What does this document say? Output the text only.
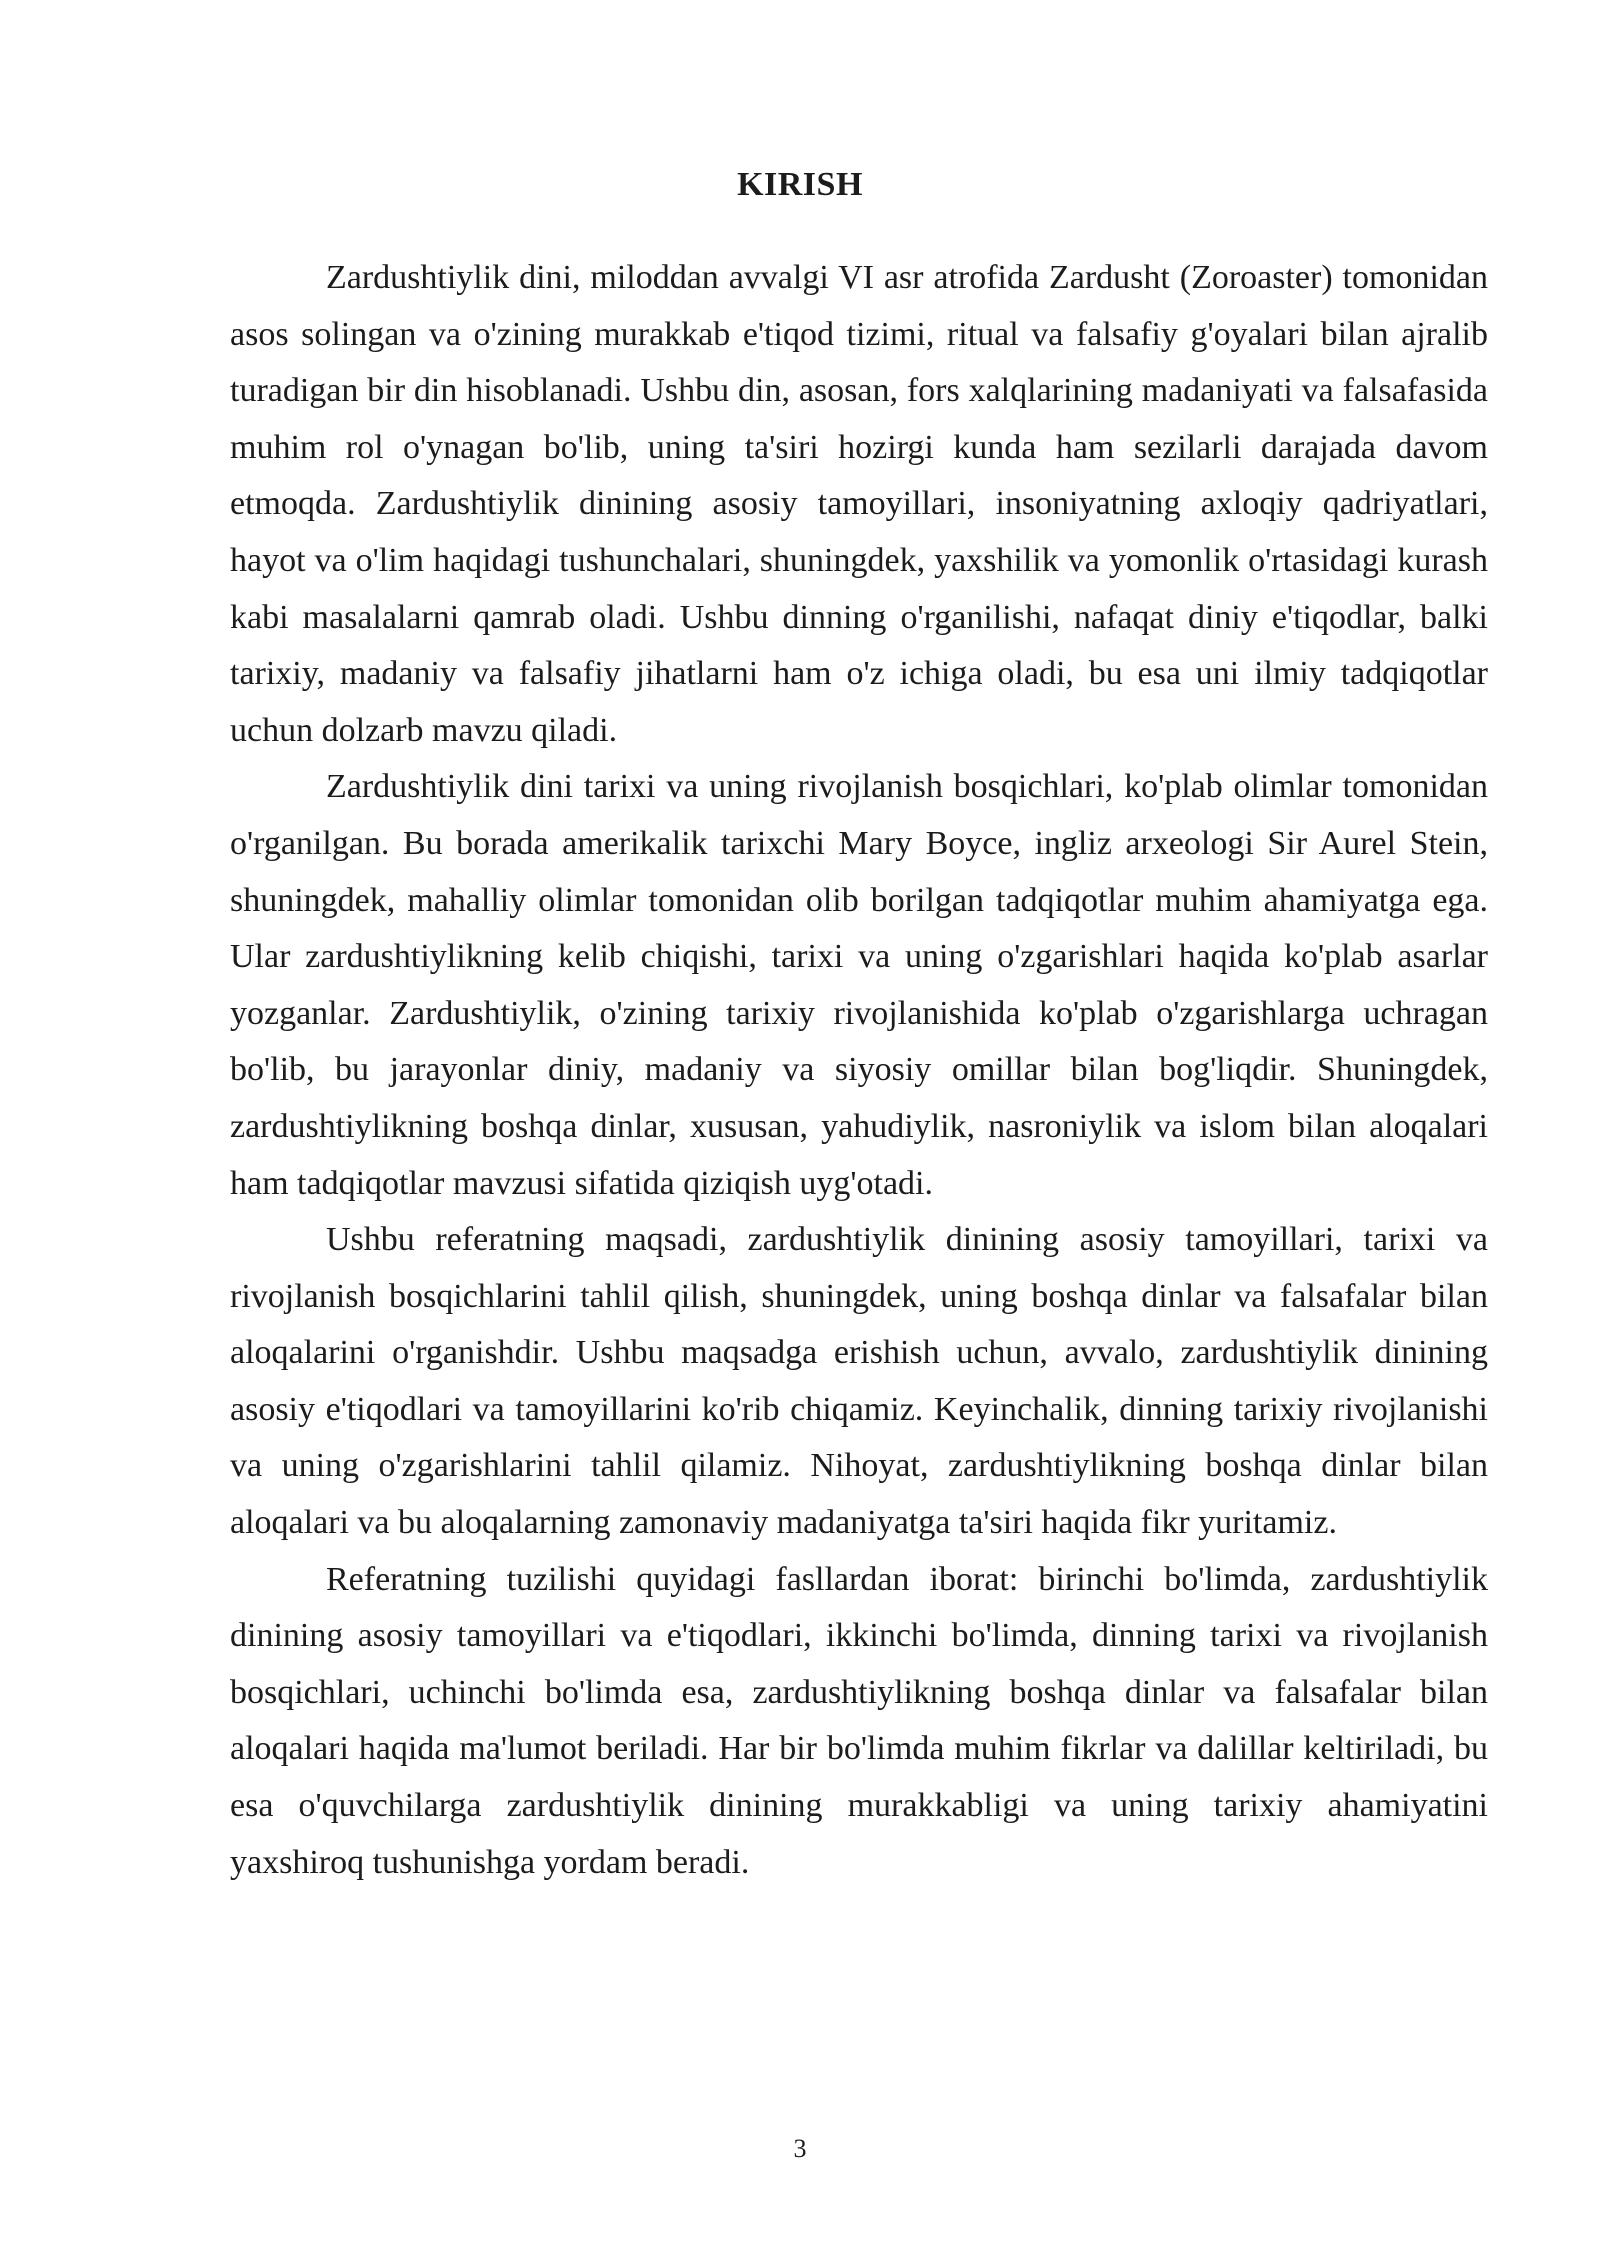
KIRISH

Zardushtiylik dini, miloddan avvalgi VI asr atrofida Zardusht (Zoroaster) tomonidan asos solingan va o'zining murakkab e'tiqod tizimi, ritual va falsafiy g'oyalari bilan ajralib turadigan bir din hisoblanadi. Ushbu din, asosan, fors xalqlarining madaniyati va falsafasida muhim rol o'ynagan bo'lib, uning ta'siri hozirgi kunda ham sezilarli darajada davom etmoqda. Zardushtiylik dinining asosiy tamoyillari, insoniyatning axloqiy qadriyatlari, hayot va o'lim haqidagi tushunchalari, shuningdek, yaxshilik va yomonlik o'rtasidagi kurash kabi masalalarni qamrab oladi. Ushbu dinning o'rganilishi, nafaqat diniy e'tiqodlar, balki tarixiy, madaniy va falsafiy jihatlarni ham o'z ichiga oladi, bu esa uni ilmiy tadqiqotlar uchun dolzarb mavzu qiladi.

Zardushtiylik dini tarixi va uning rivojlanish bosqichlari, ko'plab olimlar tomonidan o'rganilgan. Bu borada amerikalik tarixchi Mary Boyce, ingliz arxeologi Sir Aurel Stein, shuningdek, mahalliy olimlar tomonidan olib borilgan tadqiqotlar muhim ahamiyatga ega. Ular zardushtiylikning kelib chiqishi, tarixi va uning o'zgarishlari haqida ko'plab asarlar yozganlar. Zardushtiylik, o'zining tarixiy rivojlanishida ko'plab o'zgarishlarga uchragan bo'lib, bu jarayonlar diniy, madaniy va siyosiy omillar bilan bog'liqdir. Shuningdek, zardushtiylikning boshqa dinlar, xususan, yahudiylik, nasroniylik va islom bilan aloqalari ham tadqiqotlar mavzusi sifatida qiziqish uyg'otadi.

Ushbu referatning maqsadi, zardushtiylik dinining asosiy tamoyillari, tarixi va rivojlanish bosqichlarini tahlil qilish, shuningdek, uning boshqa dinlar va falsafalar bilan aloqalarini o'rganishdir. Ushbu maqsadga erishish uchun, avvalo, zardushtiylik dinining asosiy e'tiqodlari va tamoyillarini ko'rib chiqamiz. Keyinchalik, dinning tarixiy rivojlanishi va uning o'zgarishlarini tahlil qilamiz. Nihoyat, zardushtiylikning boshqa dinlar bilan aloqalari va bu aloqalarning zamonaviy madaniyatga ta'siri haqida fikr yuritamiz.

Referatning tuzilishi quyidagi fasllardan iborat: birinchi bo'limda, zardushtiylik dinining asosiy tamoyillari va e'tiqodlari, ikkinchi bo'limda, dinning tarixi va rivojlanish bosqichlari, uchinchi bo'limda esa, zardushtiylikning boshqa dinlar va falsafalar bilan aloqalari haqida ma'lumot beriladi. Har bir bo'limda muhim fikrlar va dalillar keltiriladi, bu esa o'quvchilarga zardushtiylik dinining murakkabligi va uning tarixiy ahamiyatini yaxshiroq tushunishga yordam beradi.

3
